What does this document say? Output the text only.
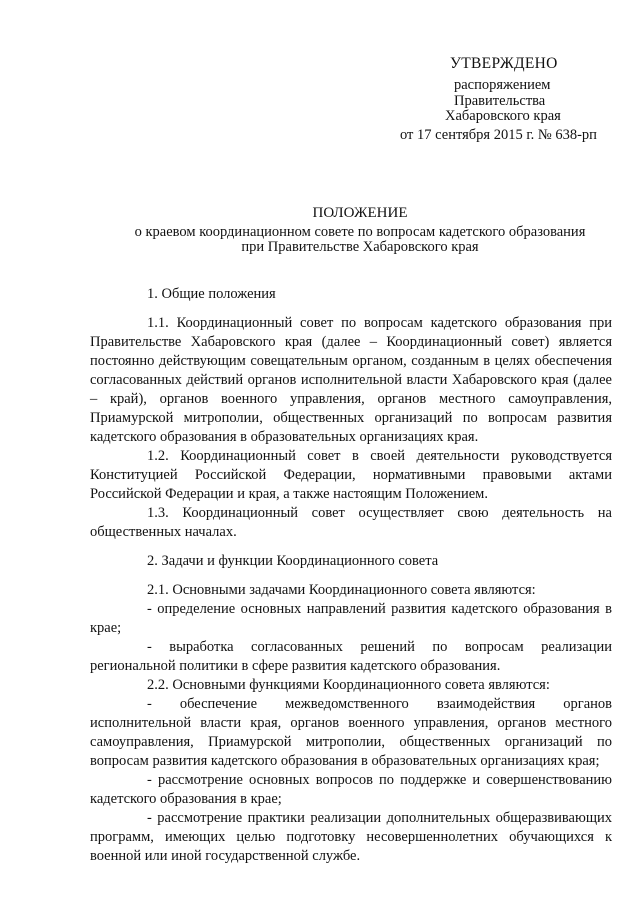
УТВЕРЖДЕНО
распоряжением
Правительства
Хабаровского края
от 17 сентября 2015 г. № 638-рп
ПОЛОЖЕНИЕ
о краевом координационном совете по вопросам кадетского образования
при Правительстве Хабаровского края

1. Общие положения

1.1. Координационный совет по вопросам кадетского образования при Правительстве Хабаровского края (далее – Координационный совет) является постоянно действующим совещательным органом, созданным в целях обеспечения согласованных действий органов исполнительной власти Хабаровского края (далее – край), органов военного управления, органов местного самоуправления, Приамурской митрополии, общественных организаций по вопросам развития кадетского образования в образовательных организациях края.

1.2. Координационный совет в своей деятельности руководствуется Конституцией Российской Федерации, нормативными правовыми актами Российской Федерации и края, а также настоящим Положением.

1.3. Координационный совет осуществляет свою деятельность на общественных началах.

2. Задачи и функции Координационного совета

2.1. Основными задачами Координационного совета являются:

- определение основных направлений развития кадетского образования в крае;

- выработка согласованных решений по вопросам реализации региональной политики в сфере развития кадетского образования.

2.2. Основными функциями Координационного совета являются:

- обеспечение межведомственного взаимодействия органов исполнительной власти края, органов военного управления, органов местного самоуправления, Приамурской митрополии, общественных организаций по вопросам развития кадетского образования в образовательных организациях края;

- рассмотрение основных вопросов по поддержке и совершенствованию кадетского образования в крае;

- рассмотрение практики реализации дополнительных общеразвивающих программ, имеющих целью подготовку несовершеннолетних обучающихся к военной или иной государственной службе.
